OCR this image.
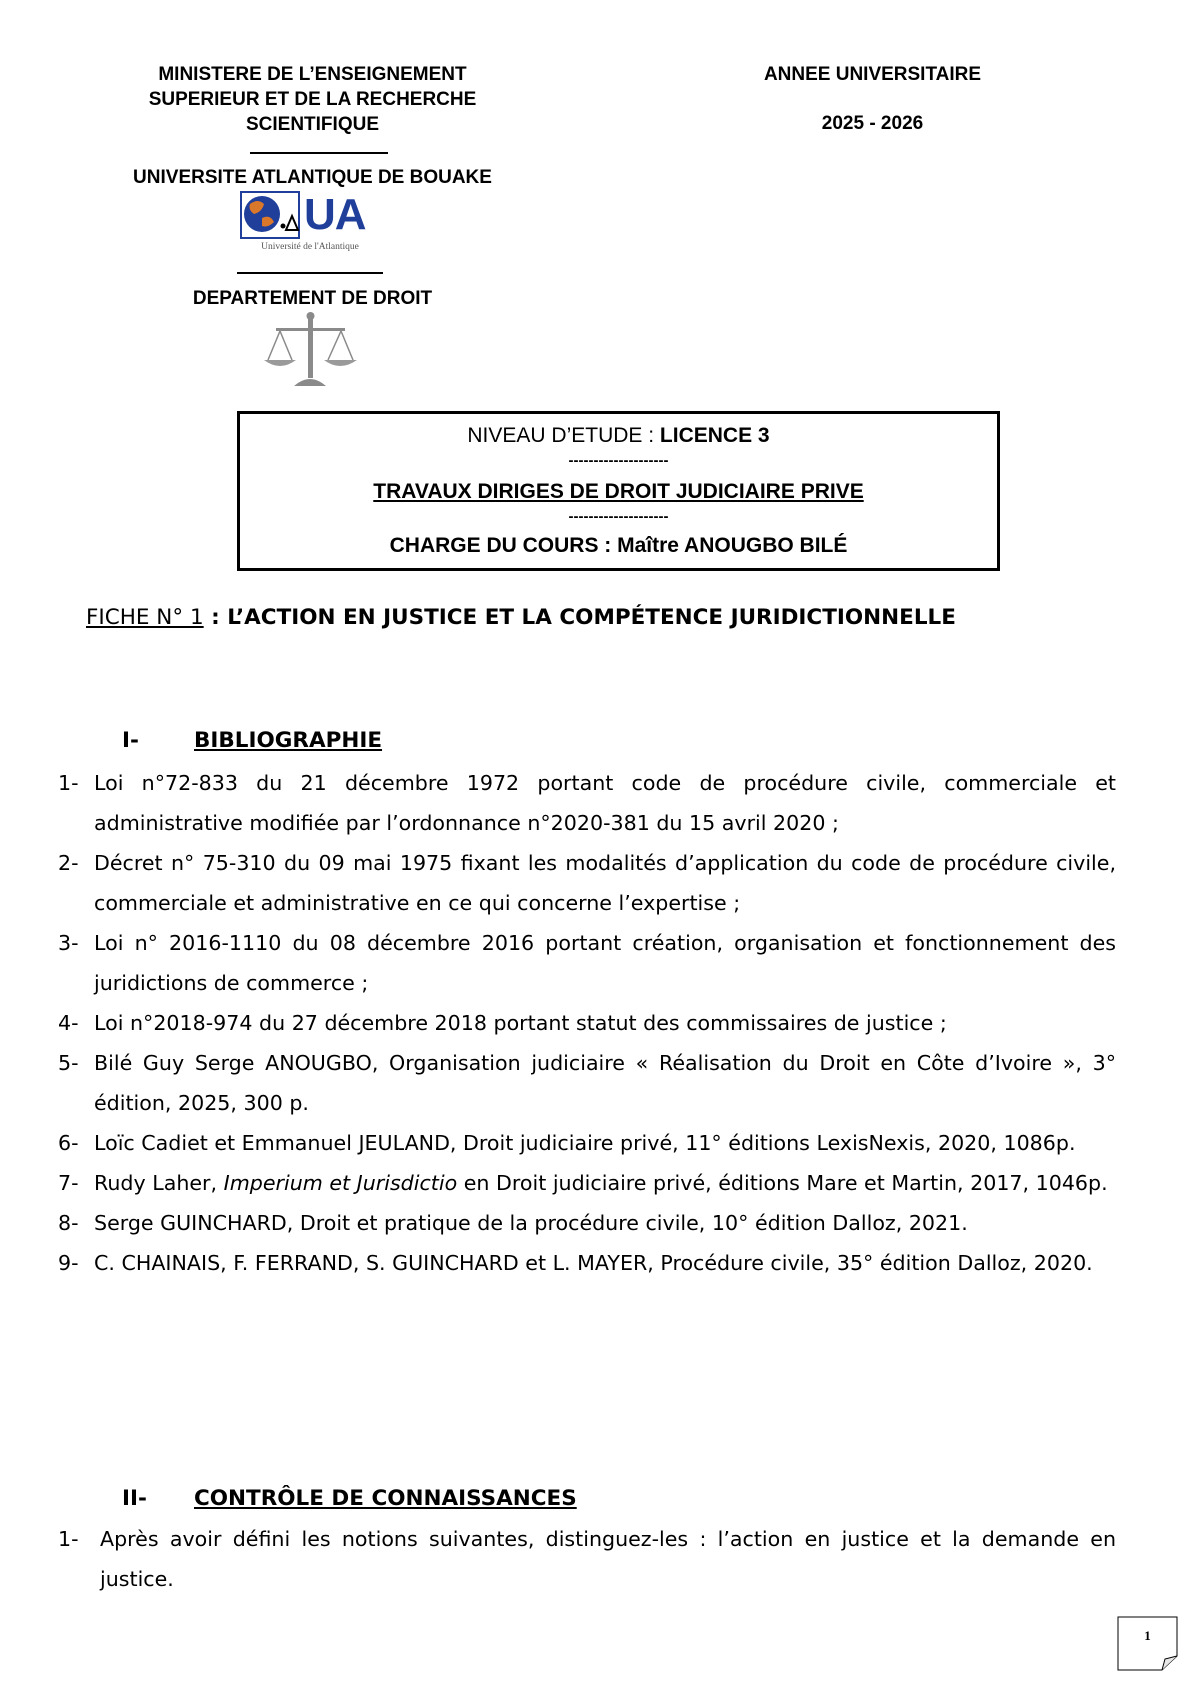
MINISTERE DE L’ENSEIGNEMENT
SUPERIEUR ET DE LA RECHERCHE
SCIENTIFIQUE
UNIVERSITE ATLANTIQUE DE BOUAKE
UA
Université de l'Atlantique
DEPARTEMENT DE DROIT
ANNEE UNIVERSITAIRE
2025 - 2026
NIVEAU D’ETUDE : LICENCE 3
--------------------
TRAVAUX DIRIGES DE DROIT JUDICIAIRE PRIVE
--------------------
CHARGE DU COURS : Maître ANOUGBO BILÉ
FICHE N° 1 : L’ACTION EN JUSTICE ET LA COMPÉTENCE JURIDICTIONNELLE
I-	BIBLIOGRAPHIE
1- Loi n°72-833 du 21 décembre 1972 portant code de procédure civile, commerciale et administrative modifiée par l’ordonnance n°2020-381 du 15 avril 2020 ;
2- Décret n° 75-310 du 09 mai 1975 fixant les modalités d’application du code de procédure civile, commerciale et administrative en ce qui concerne l’expertise ;
3- Loi n° 2016-1110 du 08 décembre 2016 portant création, organisation et fonctionnement des juridictions de commerce ;
4- Loi n°2018-974 du 27 décembre 2018 portant statut des commissaires de justice ;
5- Bilé Guy Serge ANOUGBO, Organisation judiciaire « Réalisation du Droit en Côte d’Ivoire », 3° édition, 2025, 300 p.
6- Loïc Cadiet et Emmanuel JEULAND, Droit judiciaire privé, 11° éditions LexisNexis, 2020, 1086p.
7- Rudy Laher, Imperium et Jurisdictio en Droit judiciaire privé, éditions Mare et Martin, 2017, 1046p.
8- Serge GUINCHARD, Droit et pratique de la procédure civile, 10° édition Dalloz, 2021.
9- C. CHAINAIS, F. FERRAND, S. GUINCHARD et L. MAYER, Procédure civile, 35° édition Dalloz, 2020.
II- CONTRÔLE DE CONNAISSANCES
1-	Après avoir défini les notions suivantes, distinguez-les : l’action en justice et la demande en justice.
1
